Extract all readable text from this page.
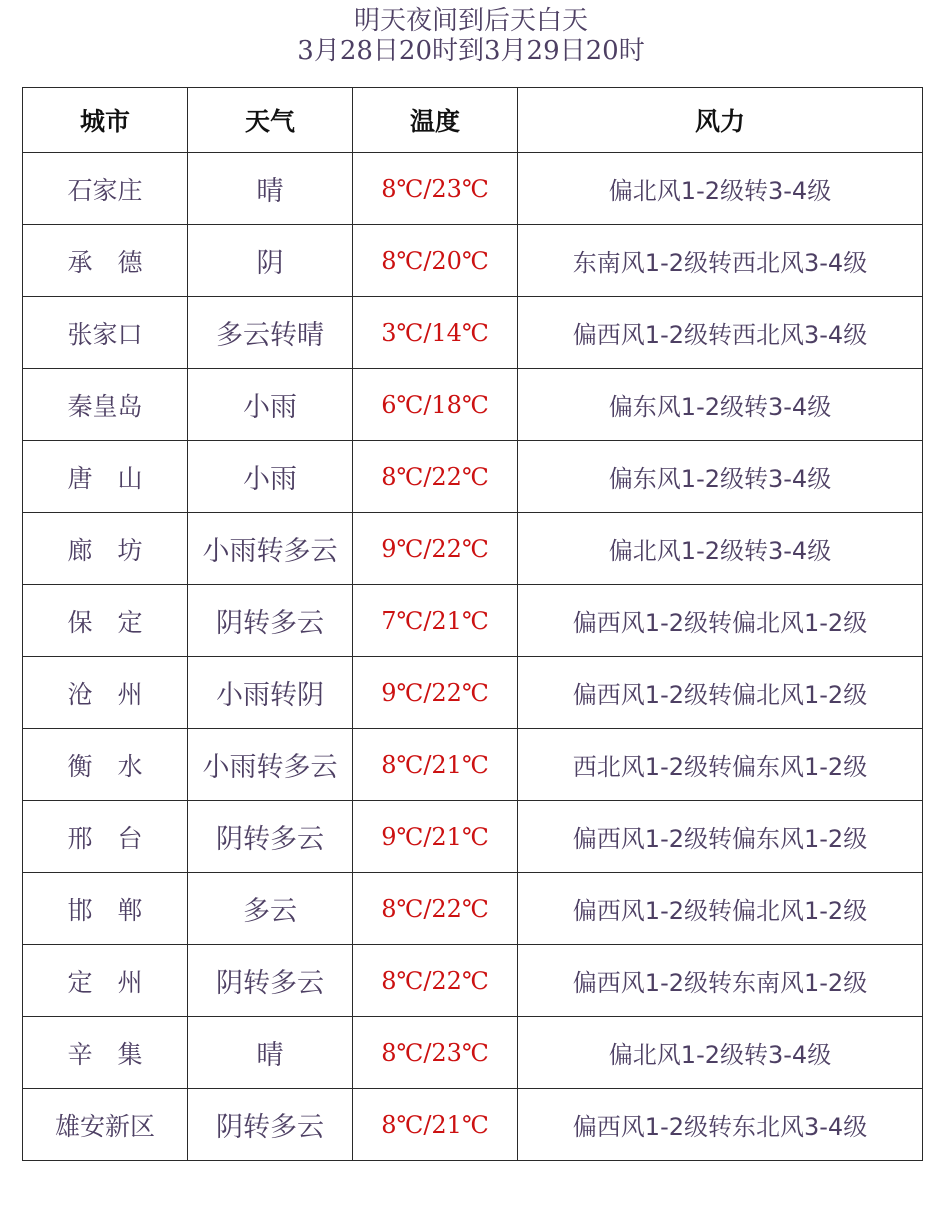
明天夜间到后天白天
3月28日20时到3月29日20时
城市	天气	温度	风力
石家庄	晴	8℃/23℃	偏北风1-2级转3-4级
承　德	阴	8℃/20℃	东南风1-2级转西北风3-4级
张家口	多云转晴	3℃/14℃	偏西风1-2级转西北风3-4级
秦皇岛	小雨	6℃/18℃	偏东风1-2级转3-4级
唐　山	小雨	8℃/22℃	偏东风1-2级转3-4级
廊　坊	小雨转多云	9℃/22℃	偏北风1-2级转3-4级
保　定	阴转多云	7℃/21℃	偏西风1-2级转偏北风1-2级
沧　州	小雨转阴	9℃/22℃	偏西风1-2级转偏北风1-2级
衡　水	小雨转多云	8℃/21℃	西北风1-2级转偏东风1-2级
邢　台	阴转多云	9℃/21℃	偏西风1-2级转偏东风1-2级
邯　郸	多云	8℃/22℃	偏西风1-2级转偏北风1-2级
定　州	阴转多云	8℃/22℃	偏西风1-2级转东南风1-2级
辛　集	晴	8℃/23℃	偏北风1-2级转3-4级
雄安新区	阴转多云	8℃/21℃	偏西风1-2级转东北风3-4级
